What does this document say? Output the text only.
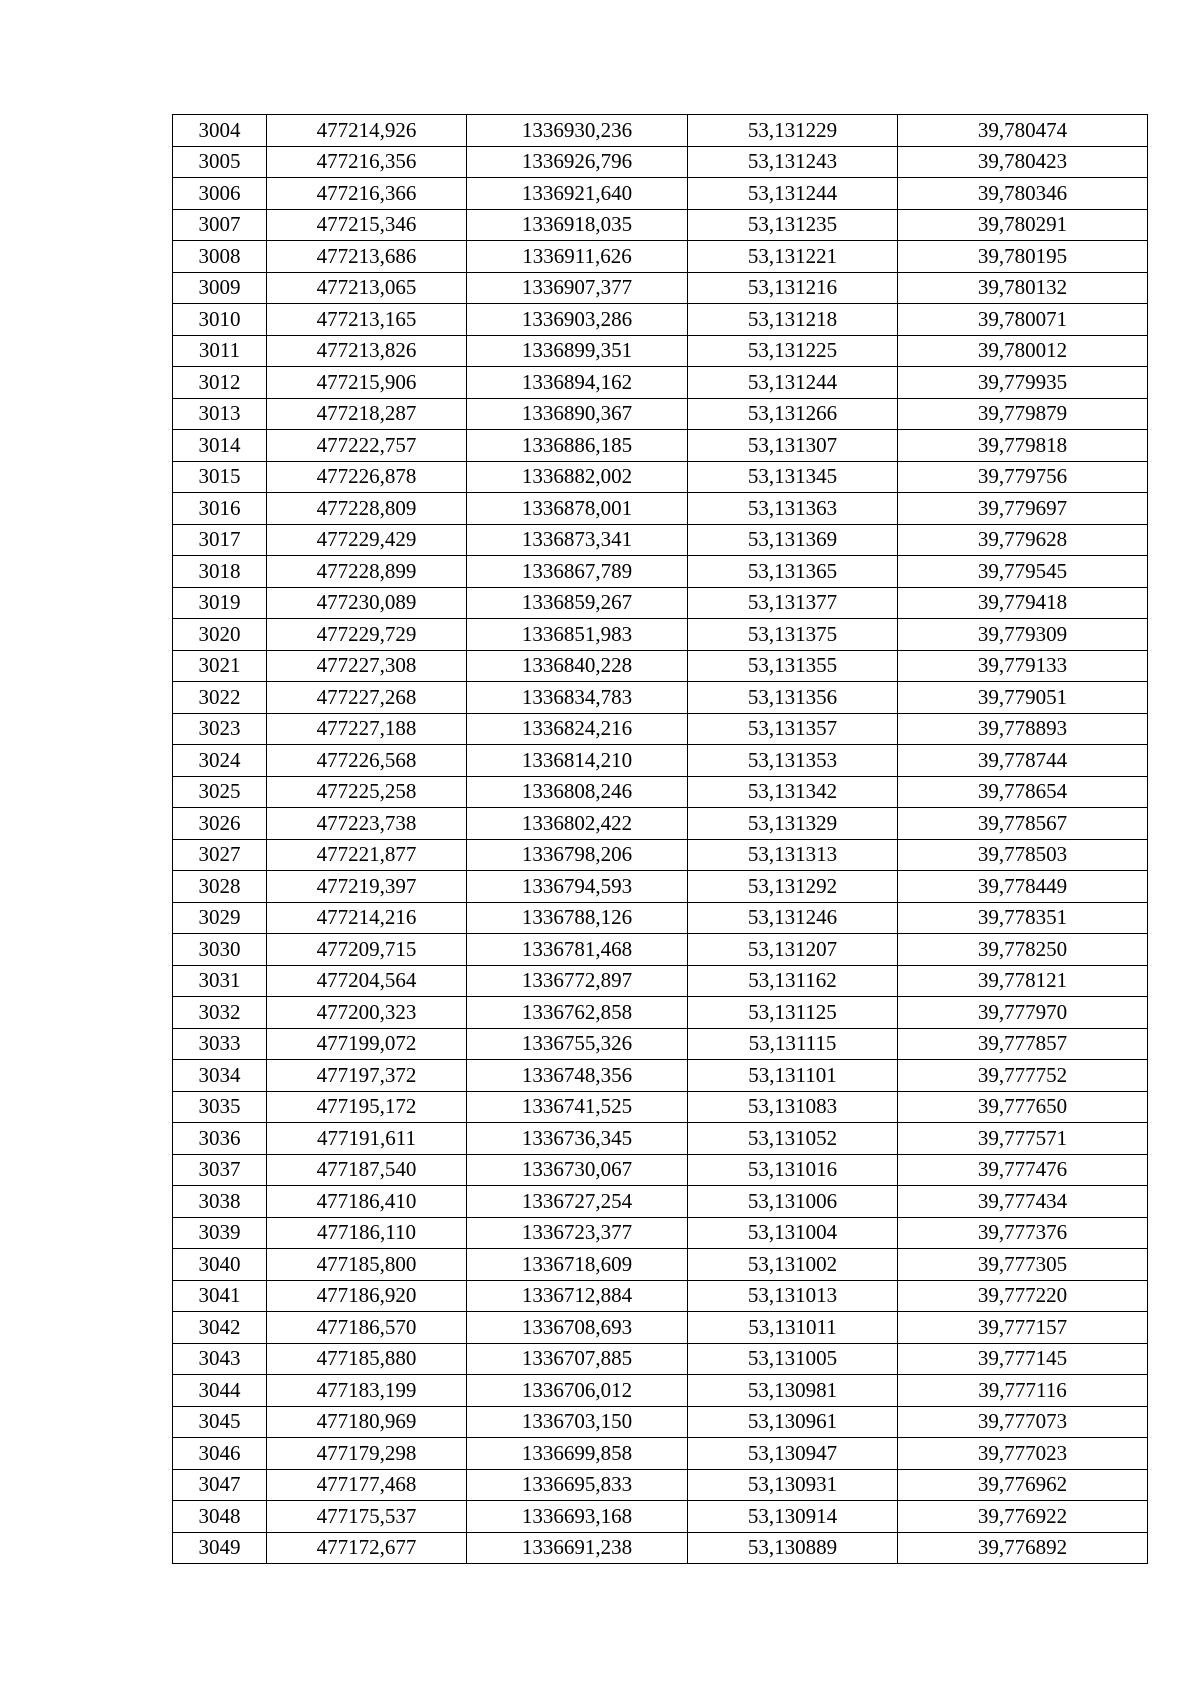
3004	477214,926	1336930,236	53,131229	39,780474
3005	477216,356	1336926,796	53,131243	39,780423
3006	477216,366	1336921,640	53,131244	39,780346
3007	477215,346	1336918,035	53,131235	39,780291
3008	477213,686	1336911,626	53,131221	39,780195
3009	477213,065	1336907,377	53,131216	39,780132
3010	477213,165	1336903,286	53,131218	39,780071
3011	477213,826	1336899,351	53,131225	39,780012
3012	477215,906	1336894,162	53,131244	39,779935
3013	477218,287	1336890,367	53,131266	39,779879
3014	477222,757	1336886,185	53,131307	39,779818
3015	477226,878	1336882,002	53,131345	39,779756
3016	477228,809	1336878,001	53,131363	39,779697
3017	477229,429	1336873,341	53,131369	39,779628
3018	477228,899	1336867,789	53,131365	39,779545
3019	477230,089	1336859,267	53,131377	39,779418
3020	477229,729	1336851,983	53,131375	39,779309
3021	477227,308	1336840,228	53,131355	39,779133
3022	477227,268	1336834,783	53,131356	39,779051
3023	477227,188	1336824,216	53,131357	39,778893
3024	477226,568	1336814,210	53,131353	39,778744
3025	477225,258	1336808,246	53,131342	39,778654
3026	477223,738	1336802,422	53,131329	39,778567
3027	477221,877	1336798,206	53,131313	39,778503
3028	477219,397	1336794,593	53,131292	39,778449
3029	477214,216	1336788,126	53,131246	39,778351
3030	477209,715	1336781,468	53,131207	39,778250
3031	477204,564	1336772,897	53,131162	39,778121
3032	477200,323	1336762,858	53,131125	39,777970
3033	477199,072	1336755,326	53,131115	39,777857
3034	477197,372	1336748,356	53,131101	39,777752
3035	477195,172	1336741,525	53,131083	39,777650
3036	477191,611	1336736,345	53,131052	39,777571
3037	477187,540	1336730,067	53,131016	39,777476
3038	477186,410	1336727,254	53,131006	39,777434
3039	477186,110	1336723,377	53,131004	39,777376
3040	477185,800	1336718,609	53,131002	39,777305
3041	477186,920	1336712,884	53,131013	39,777220
3042	477186,570	1336708,693	53,131011	39,777157
3043	477185,880	1336707,885	53,131005	39,777145
3044	477183,199	1336706,012	53,130981	39,777116
3045	477180,969	1336703,150	53,130961	39,777073
3046	477179,298	1336699,858	53,130947	39,777023
3047	477177,468	1336695,833	53,130931	39,776962
3048	477175,537	1336693,168	53,130914	39,776922
3049	477172,677	1336691,238	53,130889	39,776892
